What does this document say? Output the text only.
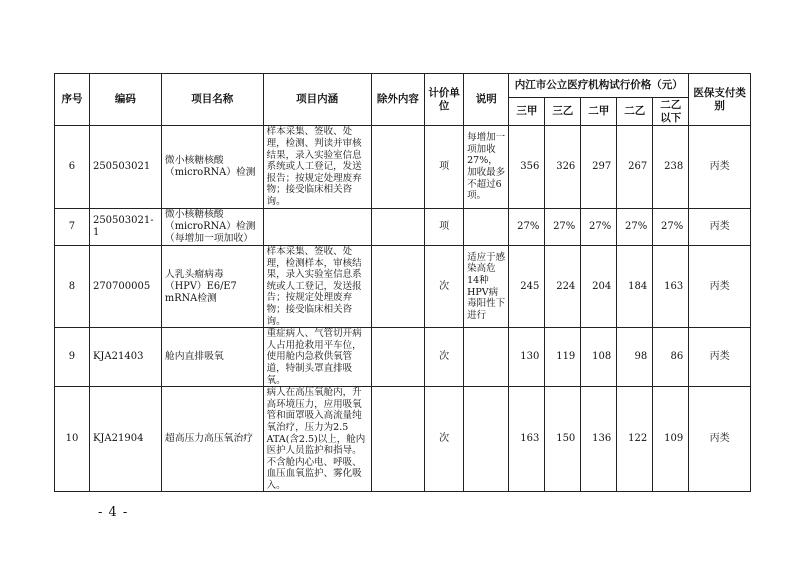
序号	编码	项目名称	项目内涵	除外内容	计价单位	说明	内江市公立医疗机构试行价格（元）					医保支付类别
							三甲	三乙	二甲	二乙	二乙以下	
6	250503021	微小核糖核酸（microRNA）检测	样本采集、签收、处理，检测、判读并审核结果，录入实验室信息系统或人工登记，发送报告；按规定处理废弃物；接受临床相关咨询。		项	每增加一项加收27%，加收最多不超过6项。	356	326	297	267	238	丙类
7	250503021-1	微小核糖核酸（microRNA）检测（每增加一项加收）			项		27%	27%	27%	27%	27%	丙类
8	270700005	人乳头瘤病毒（HPV）E6/E7 mRNA检测	样本采集、签收、处理，检测样本，审核结果，录入实验室信息系统或人工登记，发送报告；按规定处理废弃物；接受临床相关咨询。		次	适应于感染高危14种HPV病毒阳性下进行	245	224	204	184	163	丙类
9	KJA21403	舱内直排吸氧	重症病人、气管切开病人占用抢救用平车位，使用舱内急救供氧管道，特制头罩直排吸氧。		次		130	119	108	98	86	丙类
10	KJA21904	超高压力高压氧治疗	病人在高压氧舱内，升高环境压力，应用吸氧管和面罩吸入高流量纯氧治疗，压力为2.5 ATA(含2.5)以上，舱内医护人员监护和指导。不含舱内心电、呼吸、血压血氧监护、雾化吸入。		次		163	150	136	122	109	丙类
- 4 -
